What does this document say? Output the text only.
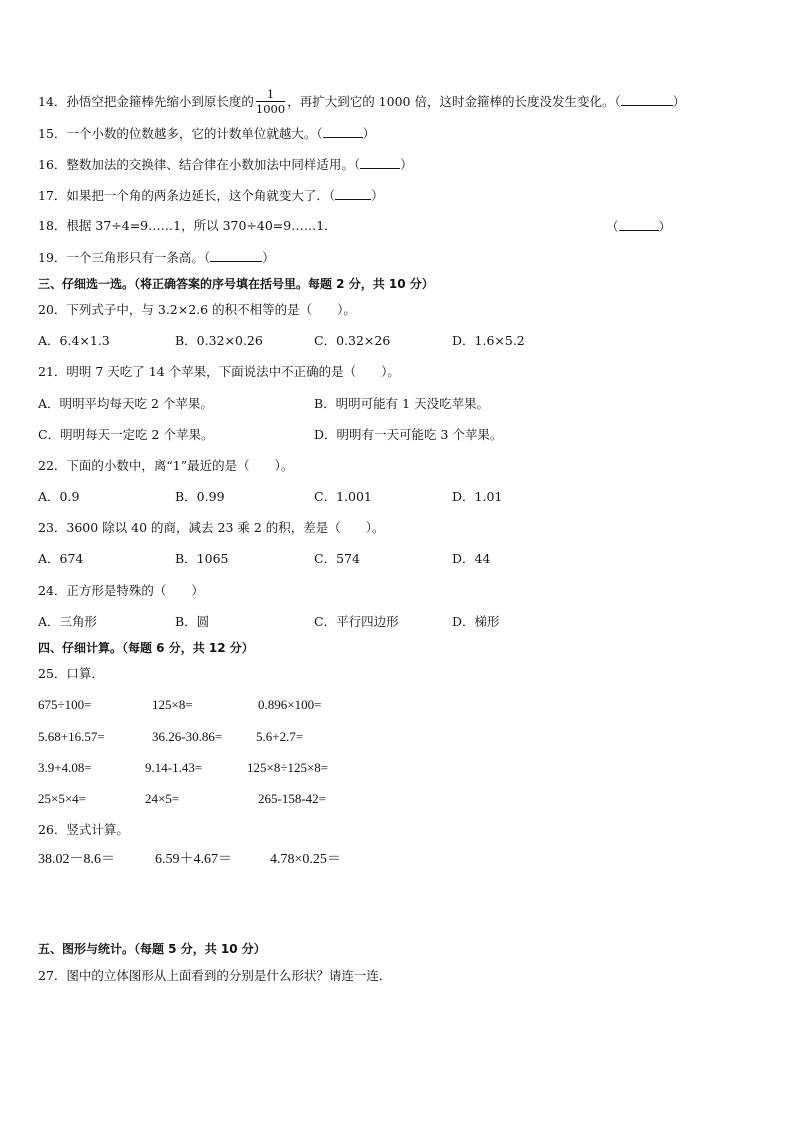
14．孙悟空把金箍棒先缩小到原长度的 $\frac{1}{1000}$ ，再扩大到它的 1000 倍，这时金箍棒的长度没发生变化。（	）
15．一个小数的位数越多，它的计数单位就越大。（	）
16．整数加法的交换律、结合律在小数加法中同样适用。（	）
17．如果把一个角的两条边延长，这个角就变大了．（	）
18．根据 37÷4=9……1，所以 370÷40=9……1．	（	）
19．一个三角形只有一条高。（	）
三、仔细选一选。（将正确答案的序号填在括号里。每题 2 分，共 10 分）
20．下列式子中，与 3.2×2.6 的积不相等的是（　　）。
A．6.4×1.3	B．0.32×0.26	C．0.32×26	D．1.6×5.2
21．明明 7 天吃了 14 个苹果，下面说法中不正确的是（　　）。
A．明明平均每天吃 2 个苹果。	B．明明可能有 1 天没吃苹果。
C．明明每天一定吃 2 个苹果。	D．明明有一天可能吃 3 个苹果。
22．下面的小数中，离“1”最近的是（　　）。
A．0.9	B．0.99	C．1.001	D．1.01
23．3600 除以 40 的商，减去 23 乘 2 的积，差是（　　）。
A．674	B．1065	C．574	D．44
24．正方形是特殊的（　　）
A．三角形	B．圆	C．平行四边形	D．梯形
四、仔细计算。（每题 6 分，共 12 分）
25．口算．
675÷100=	125×8=	0.896×100=
5.68+16.57=	36.26-30.86=	5.6+2.7=
3.9+4.08=	9.14-1.43=	125×8÷125×8=
25×5×4=	24×5=	265-158-42=
26．竖式计算。
38.02－8.6＝	6.59＋4.67＝	4.78×0.25＝
五、图形与统计。（每题 5 分，共 10 分）
27．图中的立体图形从上面看到的分别是什么形状？请连一连．
